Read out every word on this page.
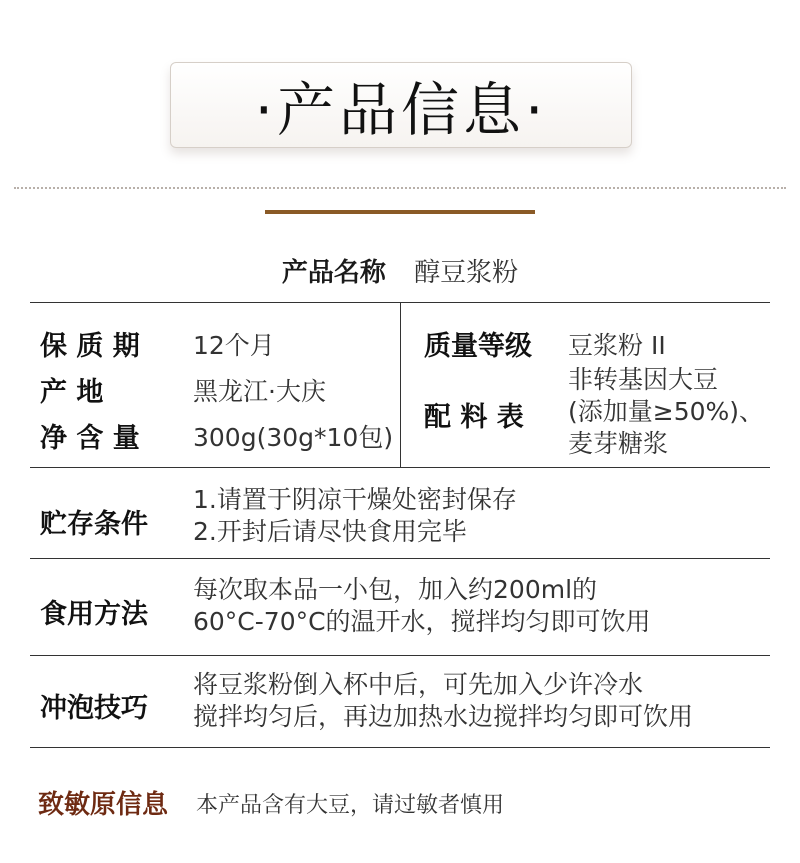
·产品信息·
产品名称 醇豆浆粉
保 质 期 12个月
产 地	黑龙江·大庆
净 含 量 300g(30g*10包)
质量等级 豆浆粉 II
配 料 表
非转基因大豆
(添加量≥50%)、
麦芽糖浆
贮存条件
1.请置于阴凉干燥处密封保存
2.开封后请尽快食用完毕
食用方法
每次取本品一小包，加入约200ml的
60°C-70°C的温开水，搅拌均匀即可饮用
冲泡技巧
将豆浆粉倒入杯中后，可先加入少许冷水
搅拌均匀后，再边加热水边搅拌均匀即可饮用
致敏原信息 本产品含有大豆，请过敏者慎用
